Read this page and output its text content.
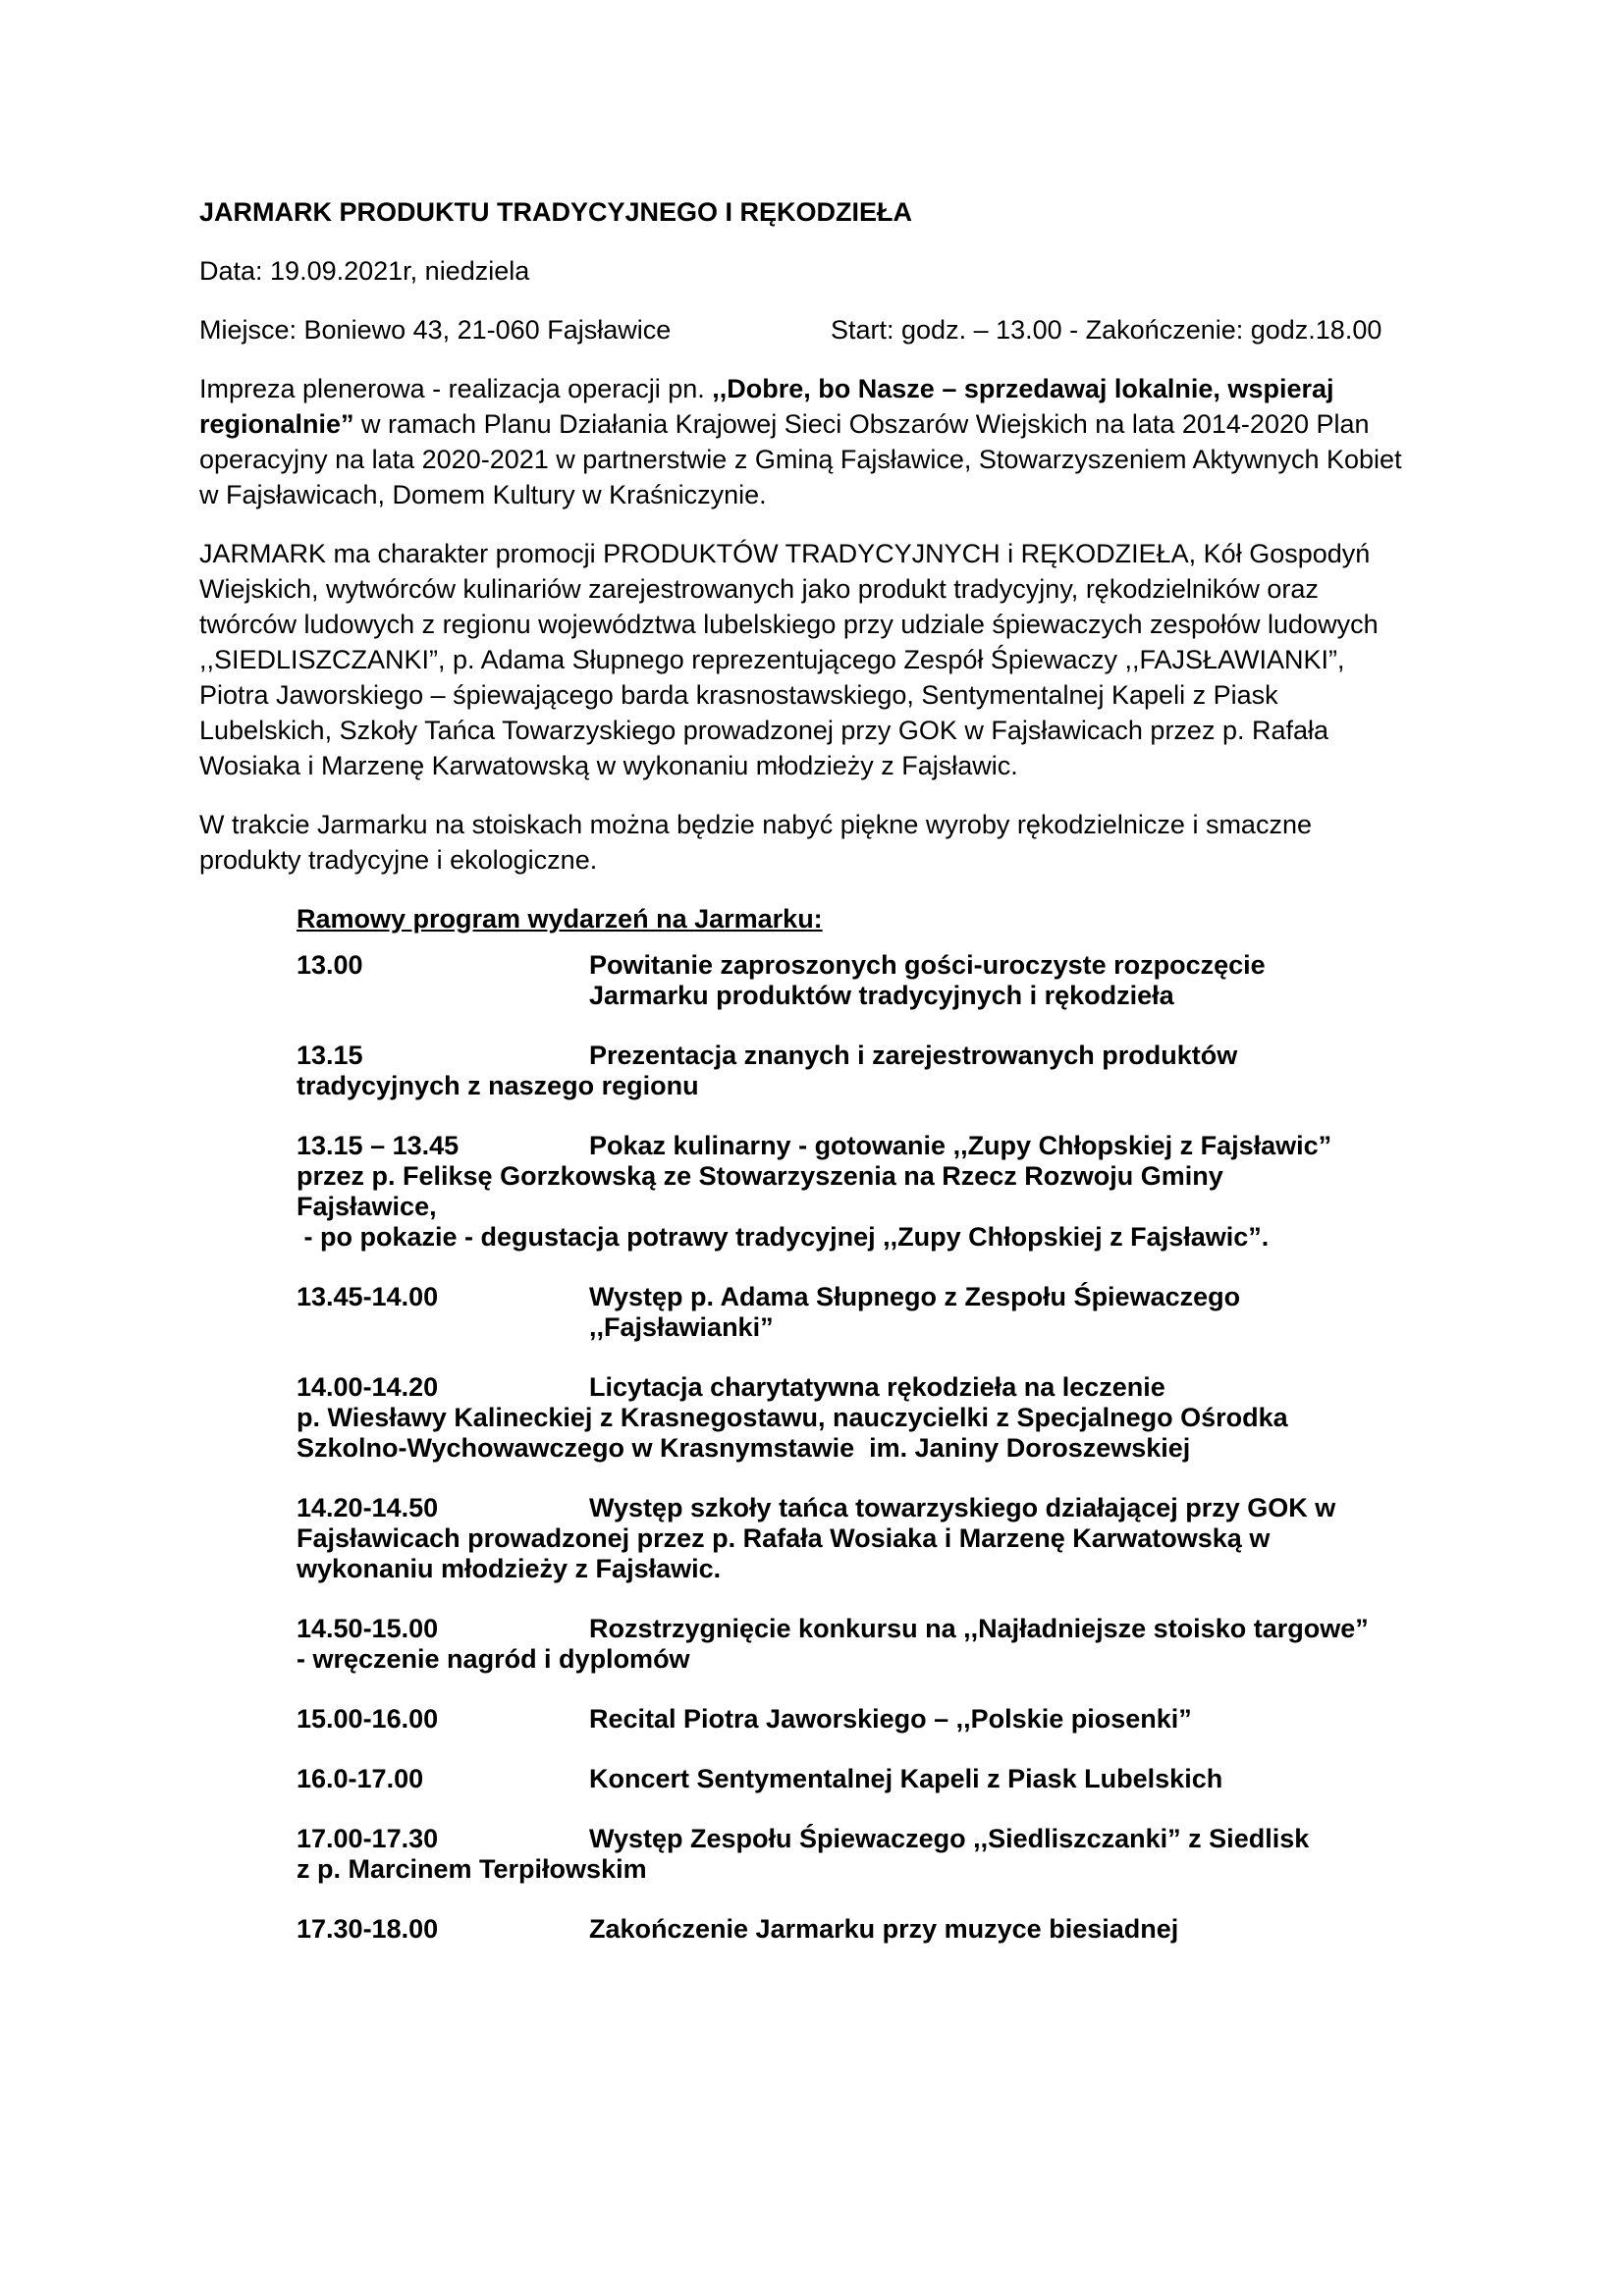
JARMARK PRODUKTU TRADYCYJNEGO I RĘKODZIEŁA
Data: 19.09.2021r, niedziela
Miejsce: Boniewo 43, 21-060 Fajsławice	Start: godz. – 13.00 - Zakończenie: godz.18.00
Impreza plenerowa - realizacja operacji pn. ,,Dobre, bo Nasze – sprzedawaj lokalnie, wspieraj
regionalnie” w ramach Planu Działania Krajowej Sieci Obszarów Wiejskich na lata 2014-2020 Plan
operacyjny na lata 2020-2021 w partnerstwie z Gminą Fajsławice, Stowarzyszeniem Aktywnych Kobiet
w Fajsławicach, Domem Kultury w Kraśniczynie.
JARMARK ma charakter promocji PRODUKTÓW TRADYCYJNYCH i RĘKODZIEŁA, Kół Gospodyń
Wiejskich, wytwórców kulinariów zarejestrowanych jako produkt tradycyjny, rękodzielników oraz
twórców ludowych z regionu województwa lubelskiego przy udziale śpiewaczych zespołów ludowych
,,SIEDLISZCZANKI”, p. Adama Słupnego reprezentującego Zespół Śpiewaczy ,,FAJSŁAWIANKI”,
Piotra Jaworskiego – śpiewającego barda krasnostawskiego, Sentymentalnej Kapeli z Piask
Lubelskich, Szkoły Tańca Towarzyskiego prowadzonej przy GOK w Fajsławicach przez p. Rafała
Wosiaka i Marzenę Karwatowską w wykonaniu młodzieży z Fajsławic.
W trakcie Jarmarku na stoiskach można będzie nabyć piękne wyroby rękodzielnicze i smaczne
produkty tradycyjne i ekologiczne.
Ramowy program wydarzeń na Jarmarku:
13.00	Powitanie zaproszonych gości-uroczyste rozpoczęcie
Jarmarku produktów tradycyjnych i rękodzieła
13.15	Prezentacja znanych i zarejestrowanych produktów
tradycyjnych z naszego regionu
13.15 – 13.45	Pokaz kulinarny - gotowanie ,,Zupy Chłopskiej z Fajsławic”
przez p. Feliksę Gorzkowską ze Stowarzyszenia na Rzecz Rozwoju Gminy
Fajsławice,
- po pokazie - degustacja potrawy tradycyjnej ,,Zupy Chłopskiej z Fajsławic”.
13.45-14.00	Występ p. Adama Słupnego z Zespołu Śpiewaczego
,,Fajsławianki”
14.00-14.20	Licytacja charytatywna rękodzieła na leczenie
p. Wiesławy Kalineckiej z Krasnegostawu, nauczycielki z Specjalnego Ośrodka
Szkolno-Wychowawczego w Krasnymstawie  im. Janiny Doroszewskiej
14.20-14.50	Występ szkoły tańca towarzyskiego działającej przy GOK w
Fajsławicach prowadzonej przez p. Rafała Wosiaka i Marzenę Karwatowską w
wykonaniu młodzieży z Fajsławic.
14.50-15.00	Rozstrzygnięcie konkursu na ,,Najładniejsze stoisko targowe”
- wręczenie nagród i dyplomów
15.00-16.00	Recital Piotra Jaworskiego – ,,Polskie piosenki”
16.0-17.00	Koncert Sentymentalnej Kapeli z Piask Lubelskich
17.00-17.30	Występ Zespołu Śpiewaczego ,,Siedliszczanki” z Siedlisk
z p. Marcinem Terpiłowskim
17.30-18.00	Zakończenie Jarmarku przy muzyce biesiadnej
